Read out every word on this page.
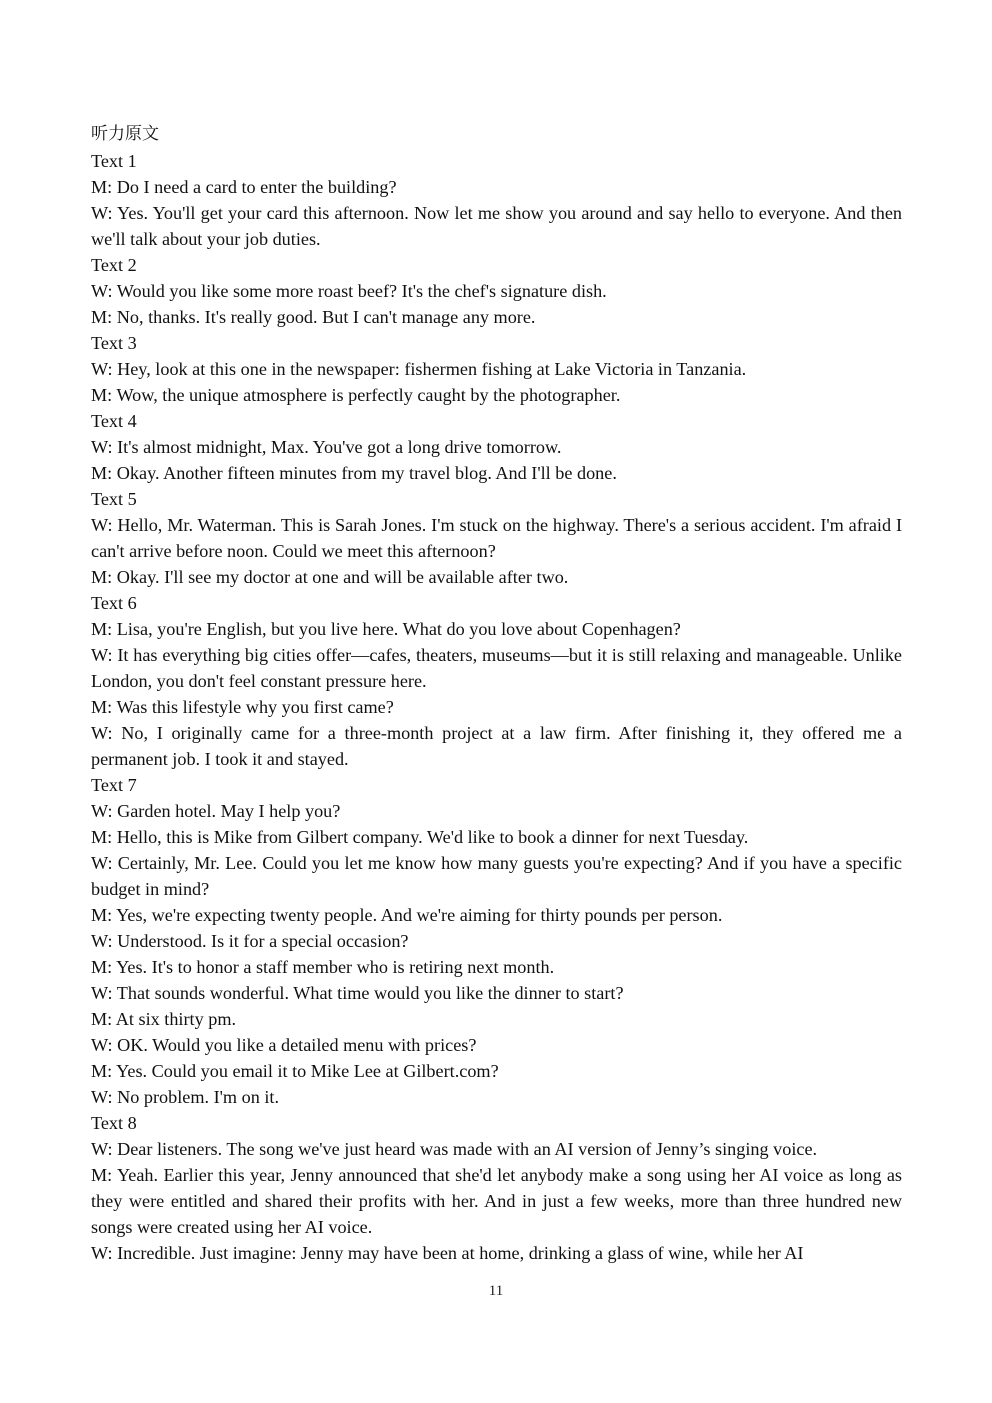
听力原文
Text 1
M: Do I need a card to enter the building?
W: Yes. You'll get your card this afternoon. Now let me show you around and say hello to everyone. And then we'll talk about your job duties.
Text 2
W: Would you like some more roast beef? It's the chef's signature dish.
M: No, thanks. It's really good. But I can't manage any more.
Text 3
W: Hey, look at this one in the newspaper: fishermen fishing at Lake Victoria in Tanzania.
M: Wow, the unique atmosphere is perfectly caught by the photographer.
Text 4
W: It's almost midnight, Max. You've got a long drive tomorrow.
M: Okay. Another fifteen minutes from my travel blog. And I'll be done.
Text 5
W: Hello, Mr. Waterman. This is Sarah Jones. I'm stuck on the highway. There's a serious accident. I'm afraid I can't arrive before noon. Could we meet this afternoon?
M: Okay. I'll see my doctor at one and will be available after two.
Text 6
M: Lisa, you're English, but you live here. What do you love about Copenhagen?
W: It has everything big cities offer—cafes, theaters, museums—but it is still relaxing and manageable. Unlike London, you don't feel constant pressure here.
M: Was this lifestyle why you first came?
W: No, I originally came for a three-month project at a law firm. After finishing it, they offered me a permanent job. I took it and stayed.
Text 7
W: Garden hotel. May I help you?
M: Hello, this is Mike from Gilbert company. We'd like to book a dinner for next Tuesday.
W: Certainly, Mr. Lee. Could you let me know how many guests you're expecting? And if you have a specific budget in mind?
M: Yes, we're expecting twenty people. And we're aiming for thirty pounds per person.
W: Understood. Is it for a special occasion?
M: Yes. It's to honor a staff member who is retiring next month.
W: That sounds wonderful. What time would you like the dinner to start?
M: At six thirty pm.
W: OK. Would you like a detailed menu with prices?
M: Yes. Could you email it to Mike Lee at Gilbert.com?
W: No problem. I'm on it.
Text 8
W: Dear listeners. The song we've just heard was made with an AI version of Jenny’s singing voice.
M: Yeah. Earlier this year, Jenny announced that she'd let anybody make a song using her AI voice as long as they were entitled and shared their profits with her. And in just a few weeks, more than three hundred new songs were created using her AI voice.
W: Incredible. Just imagine: Jenny may have been at home, drinking a glass of wine, while her AI
11
